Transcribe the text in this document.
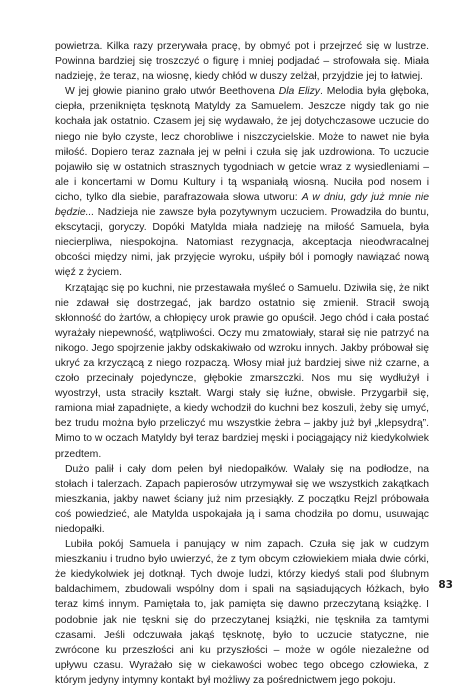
powietrza. Kilka razy przerywała pracę, by obmyć pot i przejrzeć się w lustrze. Powinna bardziej się troszczyć o figurę i mniej podjadać – strofowała się. Miała nadzieję, że teraz, na wiosnę, kiedy chłód w duszy zelżał, przyjdzie jej to łatwiej.

W jej głowie pianino grało utwór Beethovena Dla Elizy. Melodia była głęboka, ciepła, przeniknięta tęsknotą Matyldy za Samuelem. Jeszcze nigdy tak go nie kochała jak ostatnio. Czasem jej się wydawało, że jej dotychczasowe uczucie do niego nie było czyste, lecz chorobliwe i niszczycielskie. Może to nawet nie była miłość. Dopiero teraz zaznała jej w pełni i czuła się jak uzdrowiona. To uczucie pojawiło się w ostatnich strasznych tygodniach w getcie wraz z wysiedleniami – ale i koncertami w Domu Kultury i tą wspaniałą wiosną. Nuciła pod nosem i cicho, tylko dla siebie, parafrazowała słowa utworu: A w dniu, gdy już mnie nie będzie... Nadzieja nie zawsze była pozytywnym uczuciem. Prowadziła do buntu, ekscytacji, goryczy. Dopóki Matylda miała nadzieję na miłość Samuela, była niecierpliwa, niespokojna. Natomiast rezygnacja, akceptacja nieodwracalnej obcości między nimi, jak przyjęcie wyroku, uśpiły ból i pomogły nawiązać nową więź z życiem.

Krzątając się po kuchni, nie przestawała myśleć o Samuelu. Dziwiła się, że nikt nie zdawał się dostrzegać, jak bardzo ostatnio się zmienił. Stracił swoją skłonność do żartów, a chłopięcy urok prawie go opuścił. Jego chód i cała postać wyrażały niepewność, wątpliwości. Oczy mu zmatowiały, starał się nie patrzyć na nikogo. Jego spojrzenie jakby odskakiwało od wzroku innych. Jakby próbował się ukryć za krzyczącą z niego rozpaczą. Włosy miał już bardziej siwe niż czarne, a czoło przecinały pojedyncze, głębokie zmarszczki. Nos mu się wydłużył i wyostrzył, usta straciły kształt. Wargi stały się łuźne, obwisłe. Przygarbił się, ramiona miał zapadnięte, a kiedy wchodził do kuchni bez koszuli, żeby się umyć, bez trudu można było przeliczyć mu wszystkie żebra – jakby już był „klepsydrą”. Mimo to w oczach Matyldy był teraz bardziej męski i pociągający niż kiedykolwiek przedtem.

Dużo palił i cały dom pełen był niedopałków. Walały się na podłodze, na stołach i talerzach. Zapach papierosów utrzymywał się we wszystkich zakątkach mieszkania, jakby nawet ściany już nim przesiąkły. Z początku Rejzl próbowała coś powiedzieć, ale Matylda uspokajała ją i sama chodziła po domu, usuwając niedopałki.

Lubiła pokój Samuela i panujący w nim zapach. Czuła się jak w cudzym mieszkaniu i trudno było uwierzyć, że z tym obcym człowiekiem miała dwie córki, że kiedykolwiek jej dotknął. Tych dwoje ludzi, którzy kiedyś stali pod ślubnym baldachimem, zbudowali wspólny dom i spali na sąsiadujących łóżkach, było teraz kimś innym. Pamiętała to, jak pamięta się dawno przeczytaną książkę. I podobnie jak nie tęskni się do przeczytanej książki, nie tęskniła za tamtymi czasami. Jeśli odczuwała jakąś tęsknotę, było to uczucie statyczne, nie zwrócone ku przeszłości ani ku przyszłości – może w ogóle niezależne od upływu czasu. Wyrażało się w ciekawości wobec tego obcego człowieka, z którym jedyny intymny kontakt był możliwy za pośrednictwem jego pokoju.

83
